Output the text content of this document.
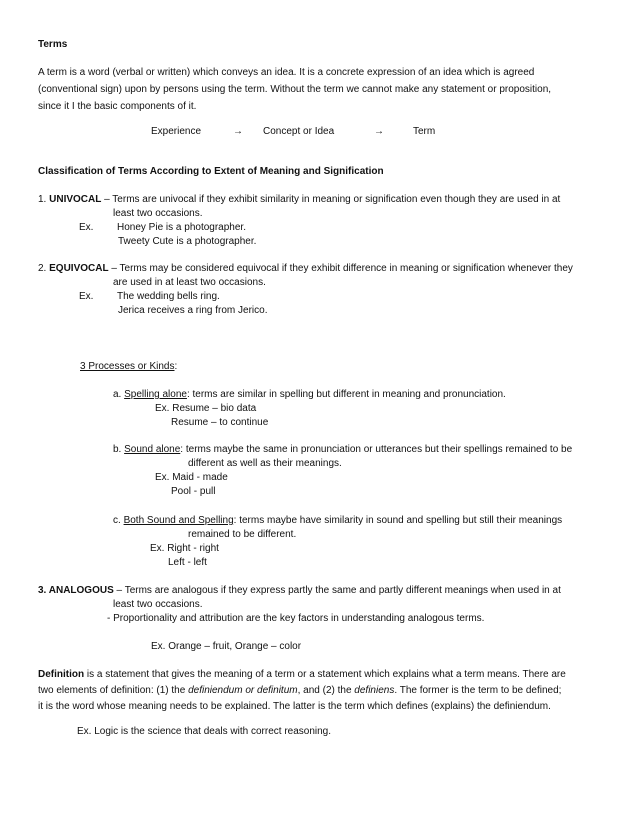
Terms
A term is a word (verbal or written) which conveys an idea. It is a concrete expression of an idea which is agreed
(conventional sign) upon by persons using the term. Without the term we cannot make any statement or proposition,
since it I the basic components of it.
Experience	→ Concept or Idea	→	Term
Classification of Terms According to Extent of Meaning and Signification
1. UNIVOCAL – Terms are univocal if they exhibit similarity in meaning or signification even though they are used in at
least two occasions.
Ex. Honey Pie is a photographer.
Tweety Cute is a photographer.
2. EQUIVOCAL – Terms may be considered equivocal if they exhibit difference in meaning or signification whenever they
are used in at least two occasions.
Ex. The wedding bells ring.
Jerica receives a ring from Jerico.
3 Processes or Kinds:
a. Spelling alone: terms are similar in spelling but different in meaning and pronunciation.
Ex. Resume – bio data
Resume – to continue
b. Sound alone: terms maybe the same in pronunciation or utterances but their spellings remained to be
different as well as their meanings.
Ex. Maid - made
Pool - pull
c. Both Sound and Spelling: terms maybe have similarity in sound and spelling but still their meanings
remained to be different.
Ex. Right - right
Left - left
3. ANALOGOUS – Terms are analogous if they express partly the same and partly different meanings when used in at
least two occasions.
- Proportionality and attribution are the key factors in understanding analogous terms.
Ex. Orange – fruit, Orange – color
Definition is a statement that gives the meaning of a term or a statement which explains what a term means. There are
two elements of definition: (1) the definiendum or definitum, and (2) the definiens. The former is the term to be defined;
it is the word whose meaning needs to be explained. The latter is the term which defines (explains) the definiendum.
Ex. Logic is the science that deals with correct reasoning.
